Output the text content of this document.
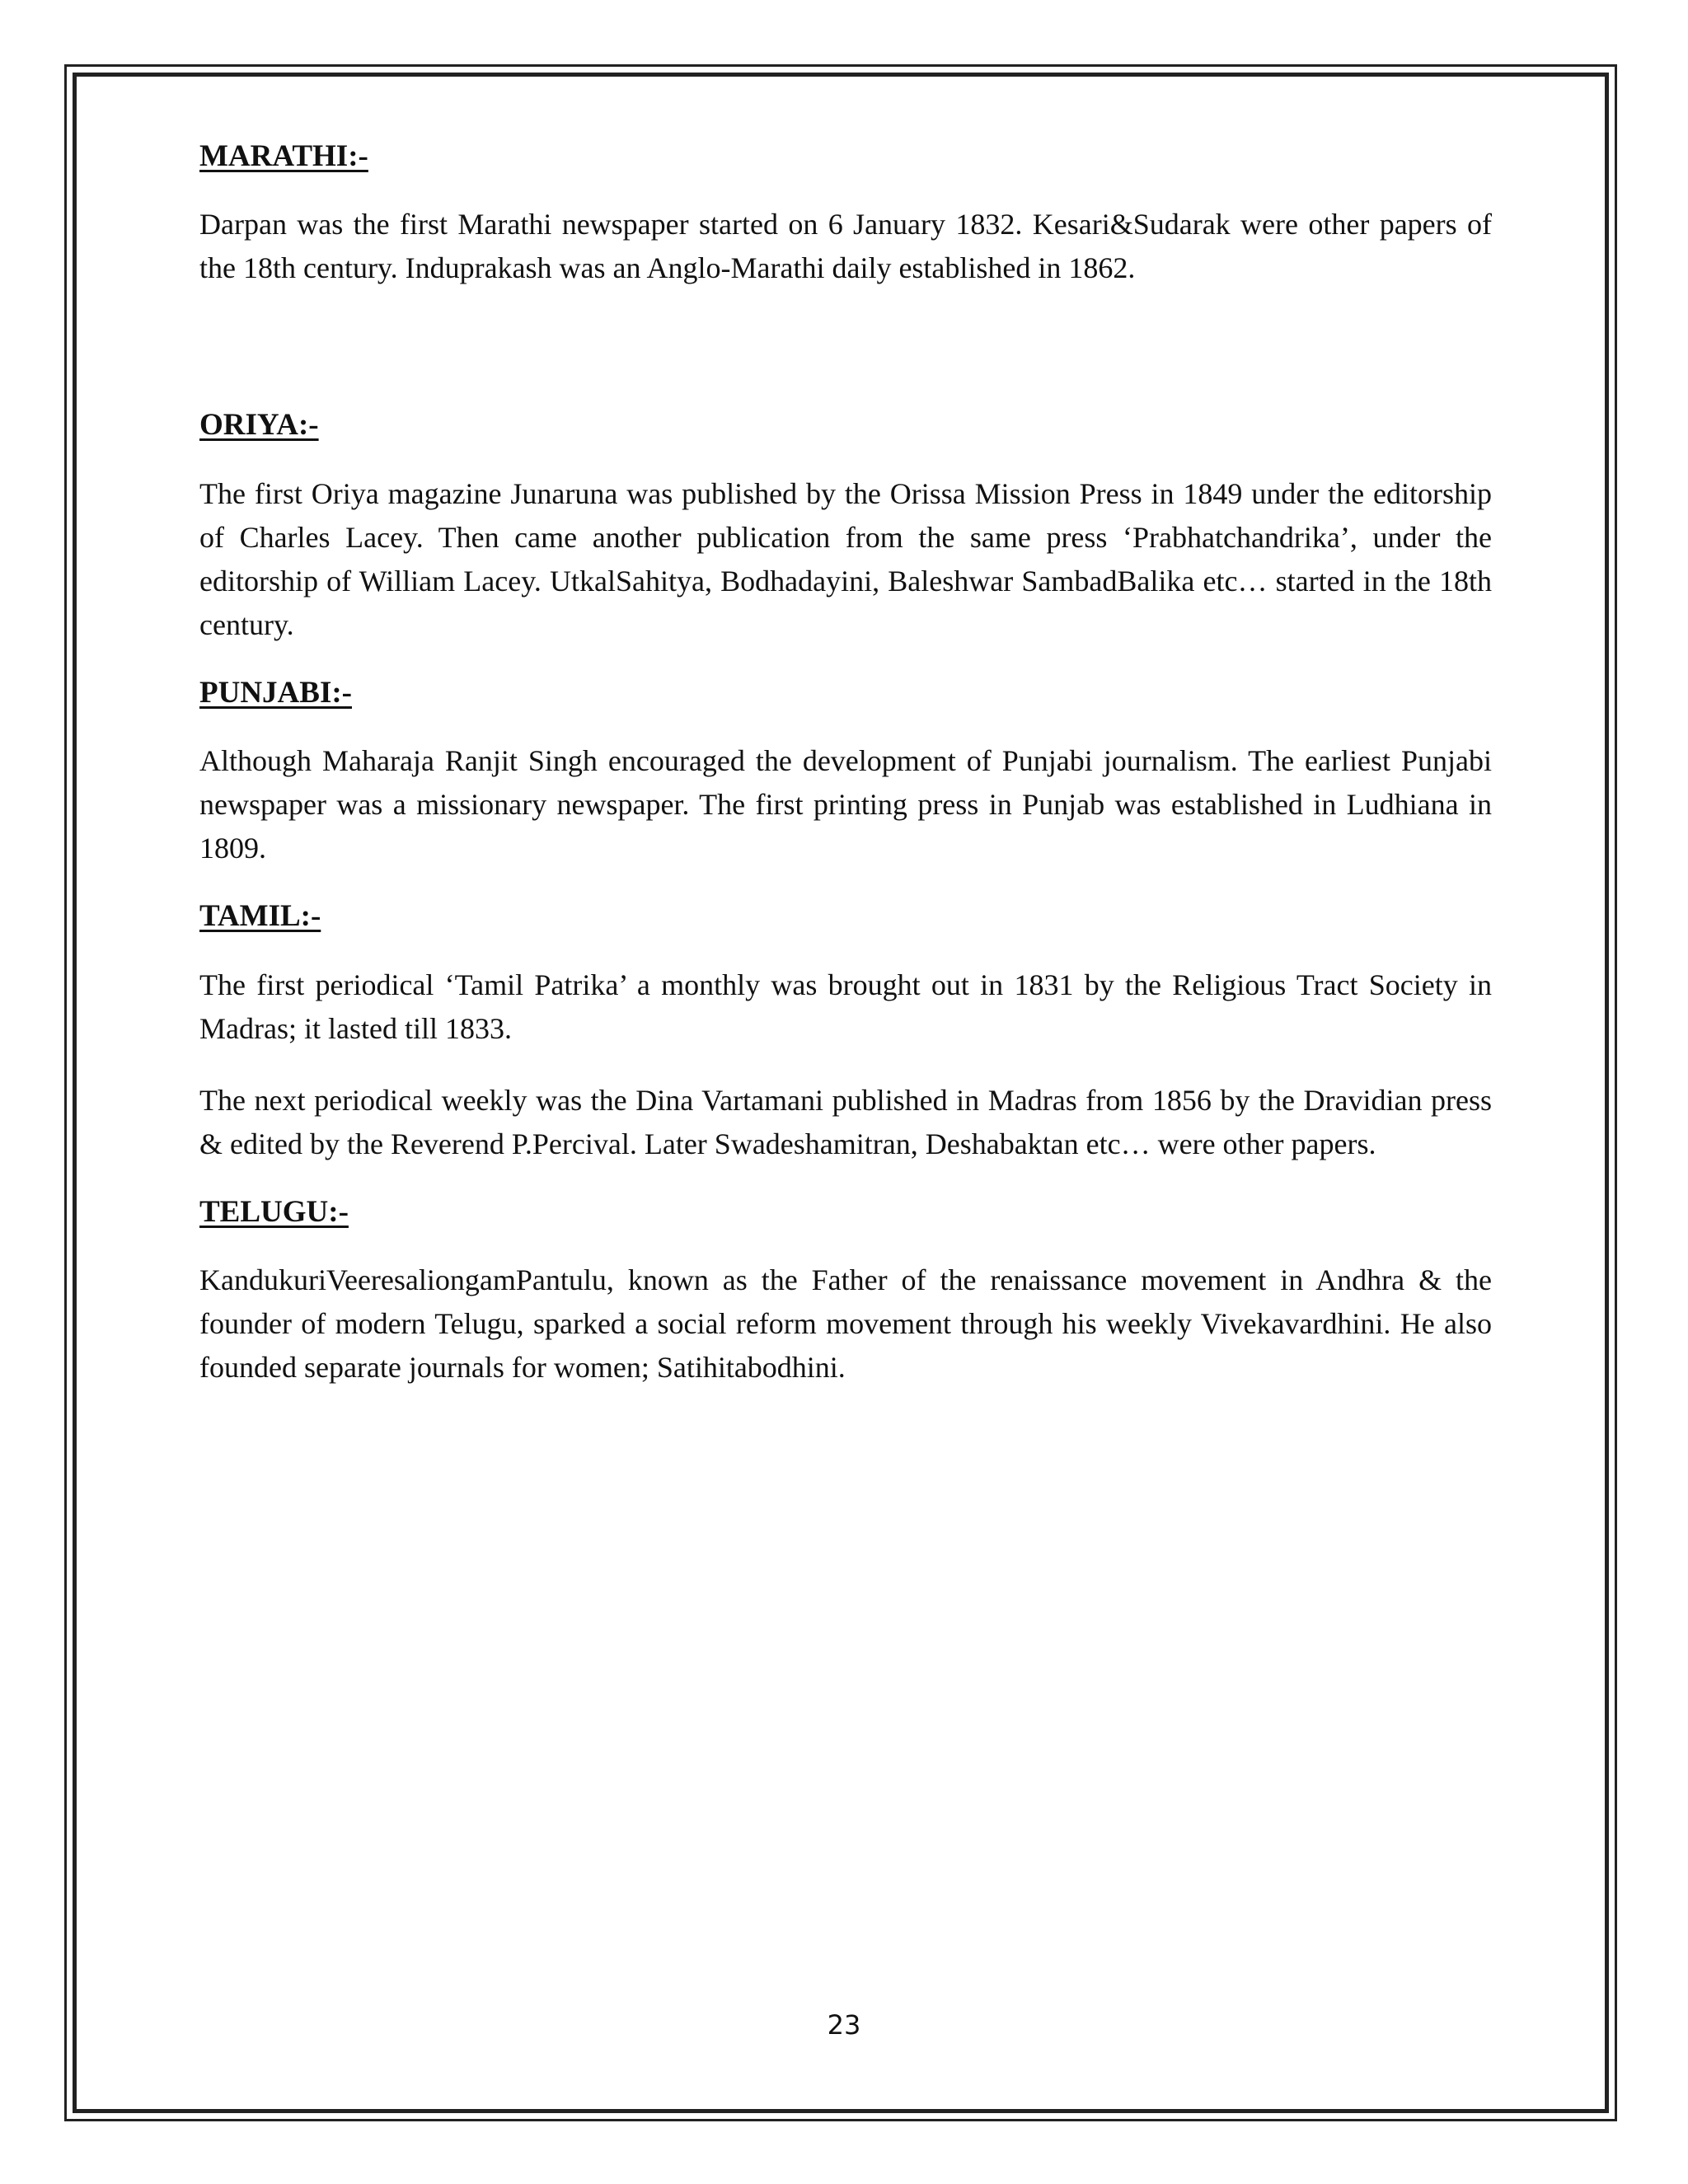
MARATHI:-

Darpan was the first Marathi newspaper started on 6 January 1832. Kesari&Sudarak were other papers of the 18th century. Induprakash was an Anglo-Marathi daily established in 1862.

ORIYA:-

The first Oriya magazine Junaruna was published by the Orissa Mission Press in 1849 under the editorship of Charles Lacey. Then came another publication from the same press ‘Prabhatchandrika’, under the editorship of William Lacey. UtkalSahitya, Bodhadayini, Baleshwar SambadBalika etc… started in the 18th century.

PUNJABI:-

Although Maharaja Ranjit Singh encouraged the development of Punjabi journalism. The earliest Punjabi newspaper was a missionary newspaper. The first printing press in Punjab was established in Ludhiana in 1809.

TAMIL:-

The first periodical ‘Tamil Patrika’ a monthly was brought out in 1831 by the Religious Tract Society in Madras; it lasted till 1833.

The next periodical weekly was the Dina Vartamani published in Madras from 1856 by the Dravidian press & edited by the Reverend P.Percival. Later Swadeshamitran, Deshabaktan etc… were other papers.

TELUGU:-

KandukuriVeeresaliongamPantulu, known as the Father of the renaissance movement in Andhra & the founder of modern Telugu, sparked a social reform movement through his weekly Vivekavardhini. He also founded separate journals for women; Satihitabodhini.

23
